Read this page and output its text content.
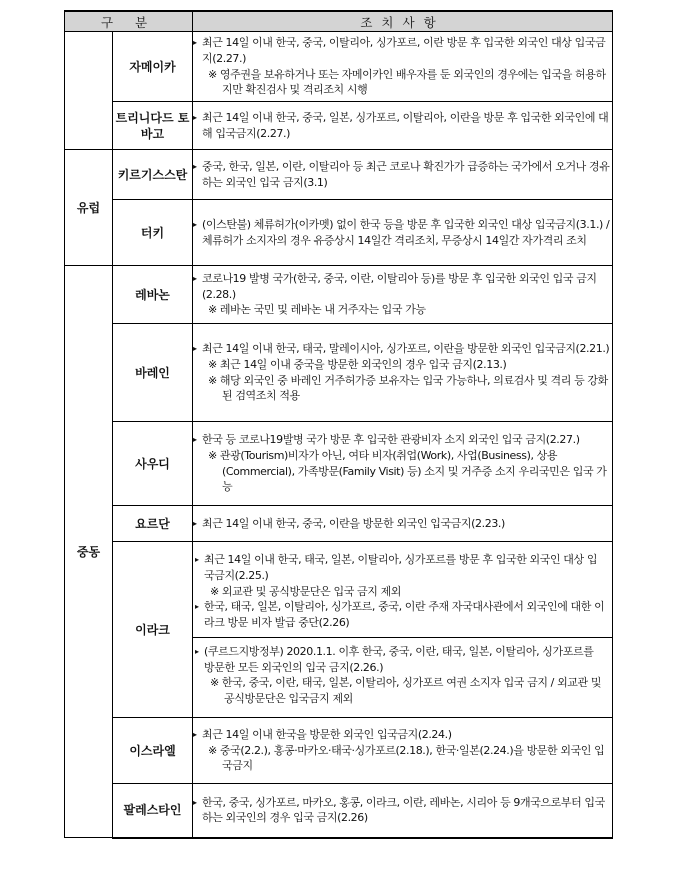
구 분		조치사항
	자메이카	▸ 최근 14일 이내 한국, 중국, 이탈리아, 싱가포르, 이란 방문 후 입국한 외국인 대상 입국금지(2.27.)
※ 영주권을 보유하거나 또는 자메이카인 배우자를 둔 외국인의 경우에는 입국을 허용하지만 확진검사 및 격리조치 시행

	트리니다드 토바고	▸ 최근 14일 이내 한국, 중국, 일본, 싱가포르, 이탈리아, 이란을 방문 후 입국한 외국인에 대해 입국금지(2.27.)

유럽	키르기스스탄	▸ 중국, 한국, 일본, 이란, 이탈리아 등 최근 코로나 확진가가 급증하는 국가에서 오거나 경유하는 외국인 입국 금지(3.1)

	터키	▸ (이스탄불) 체류허가(이카멧) 없이 한국 등을 방문 후 입국한 외국인 대상 입국금지(3.1.) / 체류허가 소지자의 경우 유증상시 14일간 격리조치, 무증상시 14일간 자가격리 조치

중동	레바논	▸ 코로나19 발병 국가(한국, 중국, 이란, 이탈리아 등)를 방문 후 입국한 외국인 입국 금지(2.28.)
※ 레바논 국민 및 레바논 내 거주자는 입국 가능

	바레인	▸ 최근 14일 이내 한국, 태국, 말레이시아, 싱가포르, 이란을 방문한 외국인 입국금지(2.21.)
※ 최근 14일 이내 중국을 방문한 외국인의 경우 입국 금지(2.13.)
※ 해당 외국인 중 바레인 거주허가증 보유자는 입국 가능하나, 의료검사 및 격리 등 강화된 검역조치 적용

	사우디	▸ 한국 등 코로나19발병 국가 방문 후 입국한 관광비자 소지 외국인 입국 금지(2.27.)
※ 관광(Tourism)비자가 아닌, 여타 비자(취업(Work), 사업(Business), 상용(Commercial), 가족방문(Family Visit) 등) 소지 및 거주증 소지 우리국민은 입국 가능

	요르단	▸ 최근 14일 이내 한국, 중국, 이란을 방문한 외국인 입국금지(2.23.)

	이라크	▸ 최근 14일 이내 한국, 태국, 일본, 이탈리아, 싱가포르를 방문 후 입국한 외국인 대상 입국금지(2.25.)
※ 외교관 및 공식방문단은 입국 금지 제외
▸ 한국, 태국, 일본, 이탈리아, 싱가포르, 중국, 이란 주재 자국대사관에서 외국인에 대한 이라크 방문 비자 발급 중단(2.26)
▸ (쿠르드지방정부) 2020.1.1. 이후 한국, 중국, 이란, 태국, 일본, 이탈리아, 싱가포르를 방문한 모든 외국인의 입국 금지(2.26.)
※ 한국, 중국, 이란, 태국, 일본, 이탈리아, 싱가포르 여권 소지자 입국 금지 / 외교관 및 공식방문단은 입국금지 제외

	이스라엘	▸ 최근 14일 이내 한국을 방문한 외국인 입국금지(2.24.)
※ 중국(2.2.), 홍콩·마카오·태국·싱가포르(2.18.), 한국·일본(2.24.)을 방문한 외국인 입국금지

	팔레스타인	▸ 한국, 중국, 싱가포르, 마카오, 홍콩, 이라크, 이란, 레바논, 시리아 등 9개국으로부터 입국하는 외국인의 경우 입국 금지(2.26)
